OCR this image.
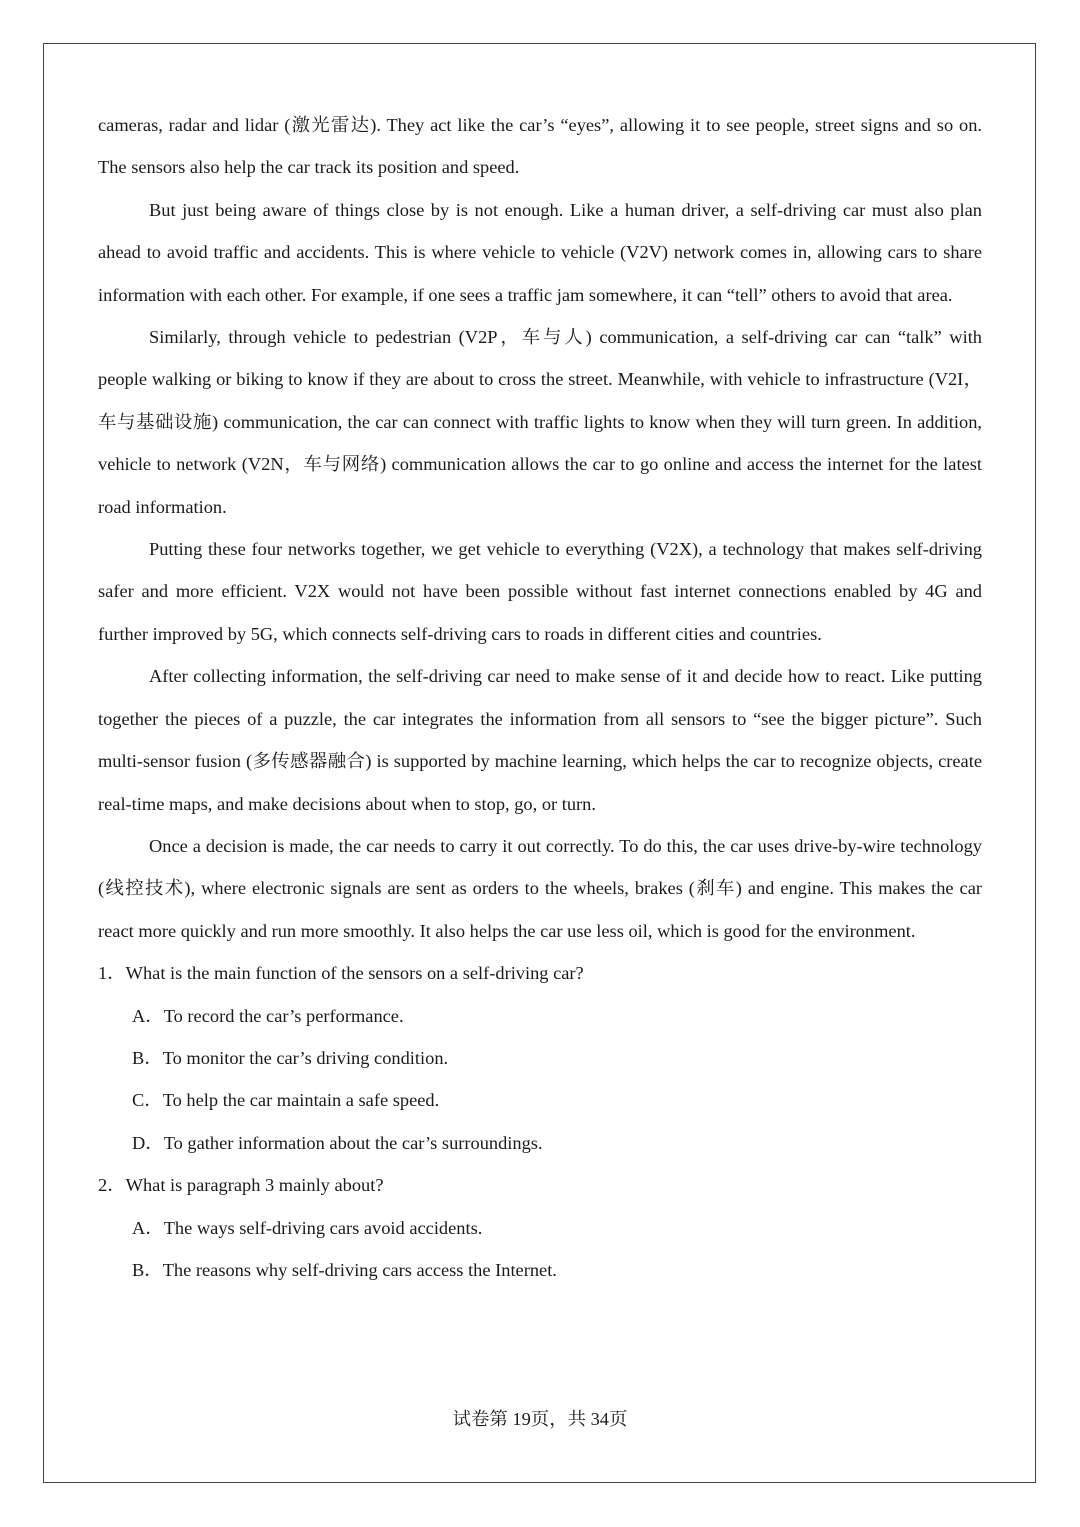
cameras, radar and lidar (激光雷达). They act like the car’s “eyes”, allowing it to see people, street signs and so on. The sensors also help the car track its position and speed.

But just being aware of things close by is not enough. Like a human driver, a self-driving car must also plan ahead to avoid traffic and accidents. This is where vehicle to vehicle (V2V) network comes in, allowing cars to share information with each other. For example, if one sees a traffic jam somewhere, it can “tell” others to avoid that area.

Similarly, through vehicle to pedestrian (V2P，车与人) communication, a self-driving car can “talk” with people walking or biking to know if they are about to cross the street. Meanwhile, with vehicle to infrastructure (V2I，车与基础设施) communication, the car can connect with traffic lights to know when they will turn green. In addition, vehicle to network (V2N，车与网络) communication allows the car to go online and access the internet for the latest road information.

Putting these four networks together, we get vehicle to everything (V2X), a technology that makes self-driving safer and more efficient. V2X would not have been possible without fast internet connections enabled by 4G and further improved by 5G, which connects self-driving cars to roads in different cities and countries.

After collecting information, the self-driving car need to make sense of it and decide how to react. Like putting together the pieces of a puzzle, the car integrates the information from all sensors to “see the bigger picture”. Such multi-sensor fusion (多传感器融合) is supported by machine learning, which helps the car to recognize objects, create real-time maps, and make decisions about when to stop, go, or turn.

Once a decision is made, the car needs to carry it out correctly. To do this, the car uses drive-by-wire technology (线控技术), where electronic signals are sent as orders to the wheels, brakes (刹车) and engine. This makes the car react more quickly and run more smoothly. It also helps the car use less oil, which is good for the environment.

1．What is the main function of the sensors on a self-driving car?
A．To record the car’s performance.
B．To monitor the car’s driving condition.
C．To help the car maintain a safe speed.
D．To gather information about the car’s surroundings.
2．What is paragraph 3 mainly about?
A．The ways self-driving cars avoid accidents.
B．The reasons why self-driving cars access the Internet.
试卷第 19页，共 34页
